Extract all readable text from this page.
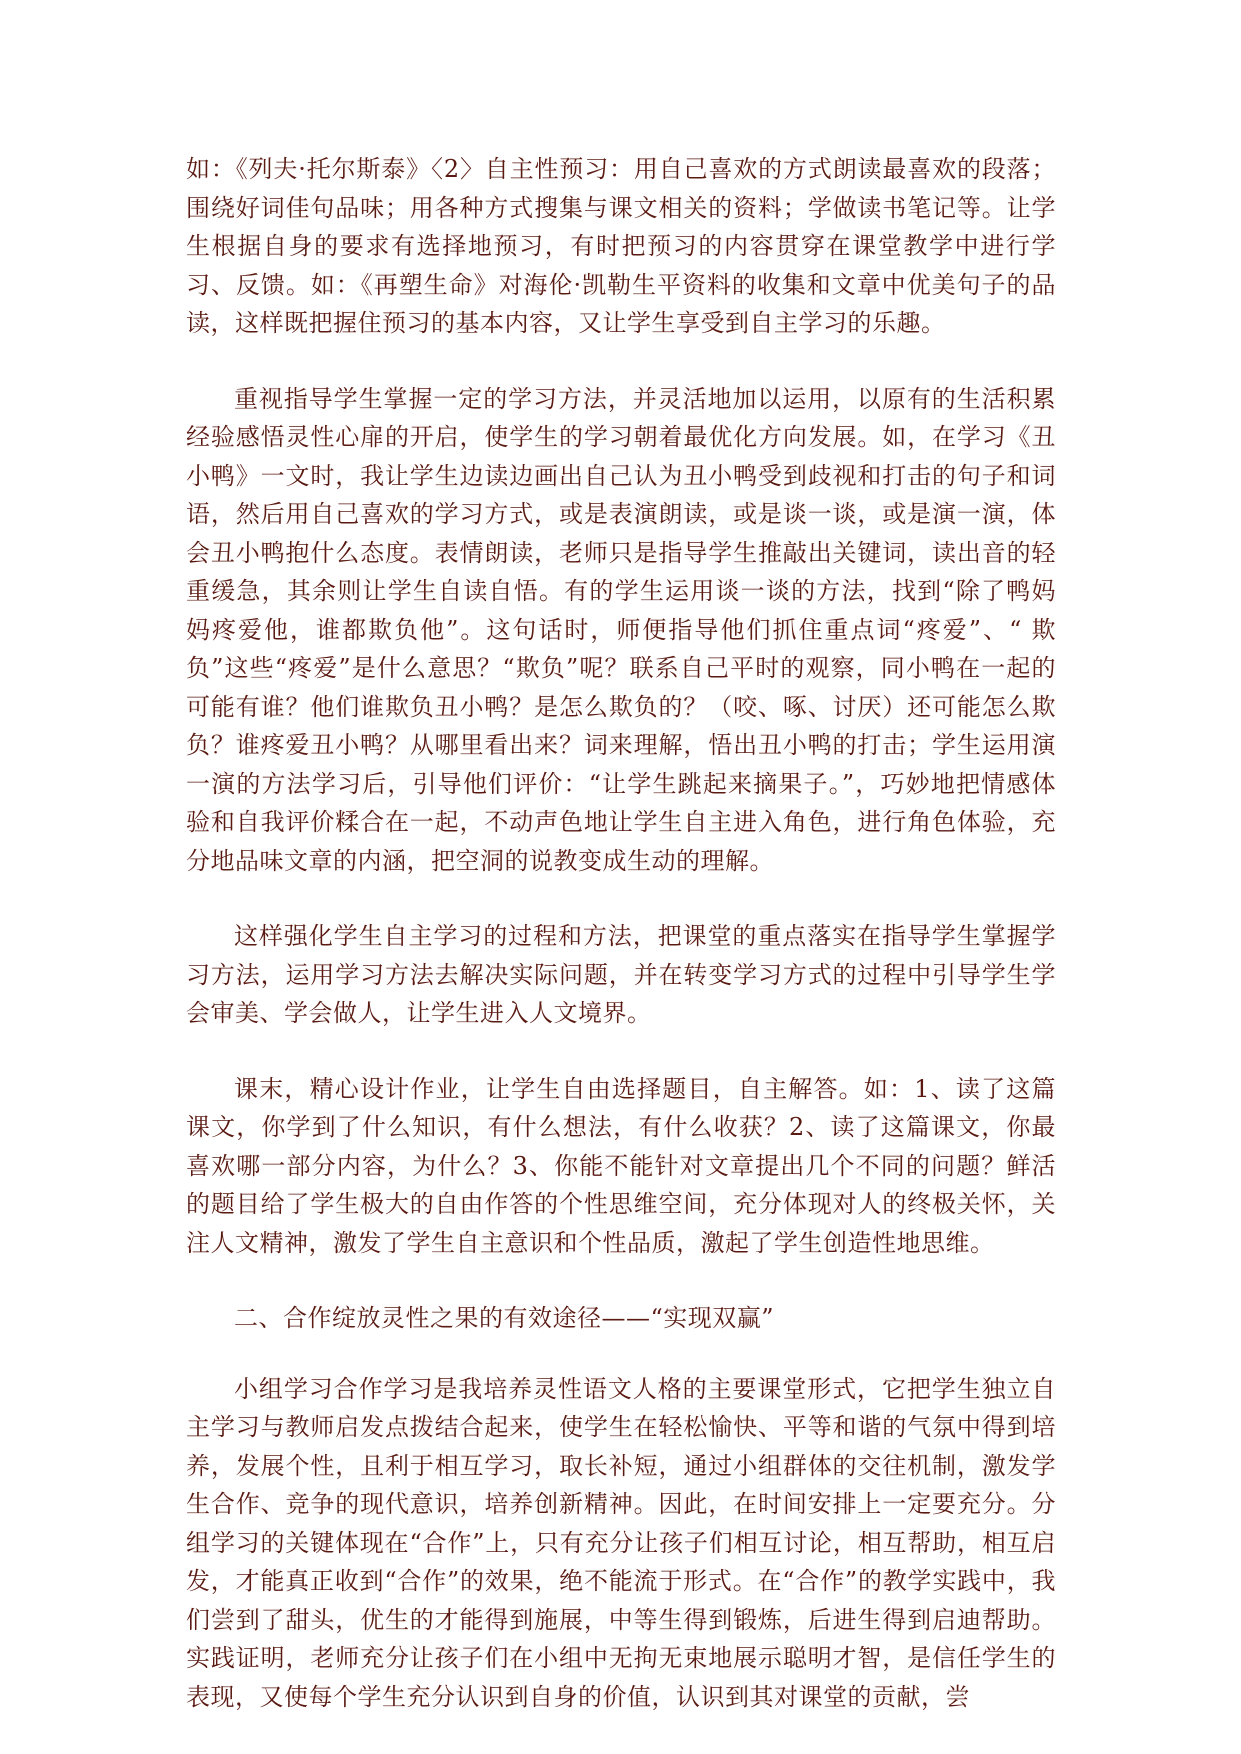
如：《列夫·托尔斯泰》〈2〉自主性预习：用自己喜欢的方式朗读最喜欢的段落；围绕好词佳句品味；用各种方式搜集与课文相关的资料；学做读书笔记等。让学生根据自身的要求有选择地预习，有时把预习的内容贯穿在课堂教学中进行学习、反馈。如：《再塑生命》对海伦·凯勒生平资料的收集和文章中优美句子的品读，这样既把握住预习的基本内容，又让学生享受到自主学习的乐趣。

重视指导学生掌握一定的学习方法，并灵活地加以运用，以原有的生活积累经验感悟灵性心扉的开启，使学生的学习朝着最优化方向发展。如，在学习《丑小鸭》一文时，我让学生边读边画出自己认为丑小鸭受到歧视和打击的句子和词语，然后用自己喜欢的学习方式，或是表演朗读，或是谈一谈，或是演一演，体会丑小鸭抱什么态度。表情朗读，老师只是指导学生推敲出关键词，读出音的轻重缓急，其余则让学生自读自悟。有的学生运用谈一谈的方法，找到“除了鸭妈妈疼爱他，谁都欺负他”。这句话时，师便指导他们抓住重点词“疼爱”、“ 欺负”这些“疼爱”是什么意思？“欺负”呢？联系自己平时的观察，同小鸭在一起的可能有谁？他们谁欺负丑小鸭？是怎么欺负的？（咬、啄、讨厌）还可能怎么欺负？谁疼爱丑小鸭？从哪里看出来？词来理解，悟出丑小鸭的打击；学生运用演一演的方法学习后，引导他们评价：“让学生跳起来摘果子。”，巧妙地把情感体验和自我评价糅合在一起，不动声色地让学生自主进入角色，进行角色体验，充分地品味文章的内涵，把空洞的说教变成生动的理解。

这样强化学生自主学习的过程和方法，把课堂的重点落实在指导学生掌握学习方法，运用学习方法去解决实际问题，并在转变学习方式的过程中引导学生学会审美、学会做人，让学生进入人文境界。

课末，精心设计作业，让学生自由选择题目，自主解答。如：1、读了这篇课文，你学到了什么知识，有什么想法，有什么收获？2、读了这篇课文，你最喜欢哪一部分内容，为什么？3、你能不能针对文章提出几个不同的问题？鲜活的题目给了学生极大的自由作答的个性思维空间，充分体现对人的终极关怀，关注人文精神，激发了学生自主意识和个性品质，激起了学生创造性地思维。

二、合作绽放灵性之果的有效途径——“实现双赢”

小组学习合作学习是我培养灵性语文人格的主要课堂形式，它把学生独立自主学习与教师启发点拨结合起来，使学生在轻松愉快、平等和谐的气氛中得到培养，发展个性，且利于相互学习，取长补短，通过小组群体的交往机制，激发学生合作、竞争的现代意识，培养创新精神。因此，在时间安排上一定要充分。分组学习的关键体现在“合作”上，只有充分让孩子们相互讨论，相互帮助，相互启发，才能真正收到“合作”的效果，绝不能流于形式。在“合作”的教学实践中，我们尝到了甜头，优生的才能得到施展，中等生得到锻炼，后进生得到启迪帮助。实践证明，老师充分让孩子们在小组中无拘无束地展示聪明才智，是信任学生的表现，又使每个学生充分认识到自身的价值，认识到其对课堂的贡献，尝
